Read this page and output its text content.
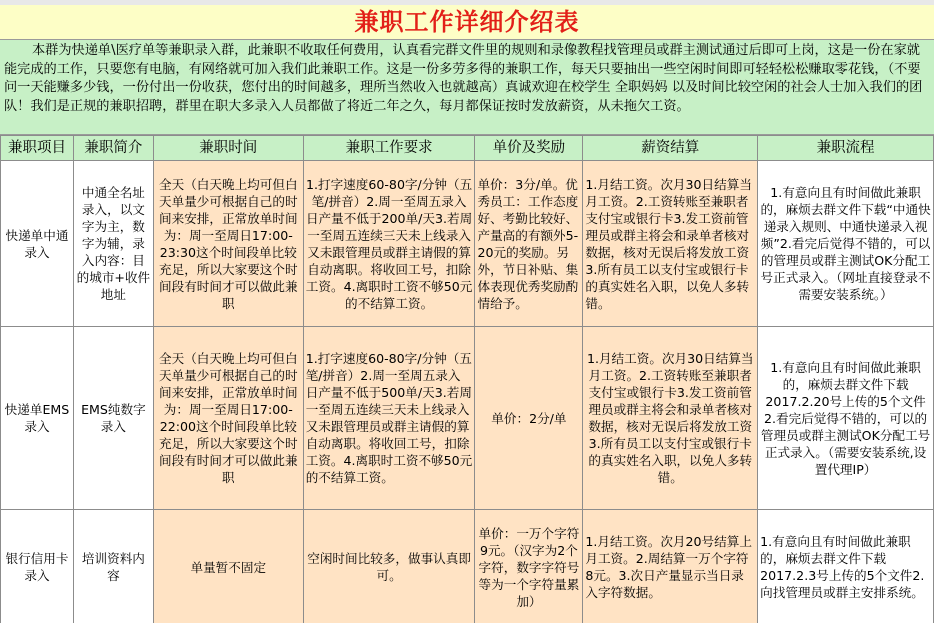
兼职工作详细介绍表
本群为快递单\医疗单等兼职录入群，此兼职不收取任何费用，认真看完群文件里的规则和录像教程找管理员或群主测试通过后即可上岗，这是一份在家就能完成的工作，只要您有电脑，有网络就可加入我们此兼职工作。这是一份多劳多得的兼职工作，每天只要抽出一些空闲时间即可轻轻松松赚取零花钱，（不要问一天能赚多少钱，一份付出一份收获，您付出的时间越多，理所当然收入也就越高）真诚欢迎在校学生 全职妈妈 以及时间比较空闲的社会人士加入我们的团队！我们是正规的兼职招聘，群里在职大多录入人员都做了将近二年之久，每月都保证按时发放薪资，从未拖欠工资。
兼职项目	兼职简介	兼职时间	兼职工作要求	单价及奖励	薪资结算	兼职流程
快递单中通录入	中通全名址录入，以文字为主，数字为辅，录入内容：目的城市+收件地址	全天（白天晚上均可但白天单量少可根据自己的时间来安排，正常放单时间为：周一至周日17:00-23:30这个时间段单比较充足，所以大家要这个时间段有时间才可以做此兼职	1.打字速度60-80字/分钟（五笔/拼音）2.周一至周五录入日产量不低于200单/天3.若周一至周五连续三天未上线录入又未跟管理员或群主请假的算自动离职。将收回工号，扣除工资。4.离职时工资不够50元的不结算工资。	单价：3分/单。优秀员工：工作态度好、考勤比较好、产量高的有额外5-20元的奖励。另外，节日补贴、集体表现优秀奖励酌情给予。	1.月结工资。次月30日结算当月工资。2.工资转账至兼职者支付宝或银行卡3.发工资前管理员或群主将会和录单者核对数据，核对无误后将发放工资3.所有员工以支付宝或银行卡的真实姓名入职，以免人多转错。	1.有意向且有时间做此兼职的，麻烦去群文件下载“中通快递录入规则、中通快递录入视频”2.看完后觉得不错的，可以的管理员或群主测试OK分配工号正式录入。（网址直接登录不需要安装系统。）
快递单EMS录入	EMS纯数字录入	全天（白天晚上均可但白天单量少可根据自己的时间来安排，正常放单时间为：周一至周日17:00-22:00这个时间段单比较充足，所以大家要这个时间段有时间才可以做此兼职	1.打字速度60-80字/分钟（五笔/拼音）2.周一至周五录入日产量不低于500单/天3.若周一至周五连续三天未上线录入又未跟管理员或群主请假的算自动离职。将收回工号，扣除工资。4.离职时工资不够50元的不结算工资。	单价：2分/单	1.月结工资。次月30日结算当月工资。2.工资转账至兼职者支付宝或银行卡3.发工资前管理员或群主将会和录单者核对数据，核对无误后将发放工资3.所有员工以支付宝或银行卡的真实姓名入职，以免人多转错。	1.有意向且有时间做此兼职的，麻烦去群文件下载2017.2.20号上传的5个文件2.看完后觉得不错的，可以的管理员或群主测试OK分配工号正式录入。（需要安装系统,设置代理IP）
银行信用卡录入	培训资料内容	单量暂不固定	空闲时间比较多，做事认真即可。	单价：一万个字符9元。（汉字为2个字符，数字字符号等为一个字符量累加）	1.月结工资。次月20号结算上月工资。2.周结算一万个字符8元。3.次日产量显示当日录入字符数据。	1.有意向且有时间做此兼职的，麻烦去群文件下载2017.2.3号上传的5个文件2.向找管理员或群主安排系统。
